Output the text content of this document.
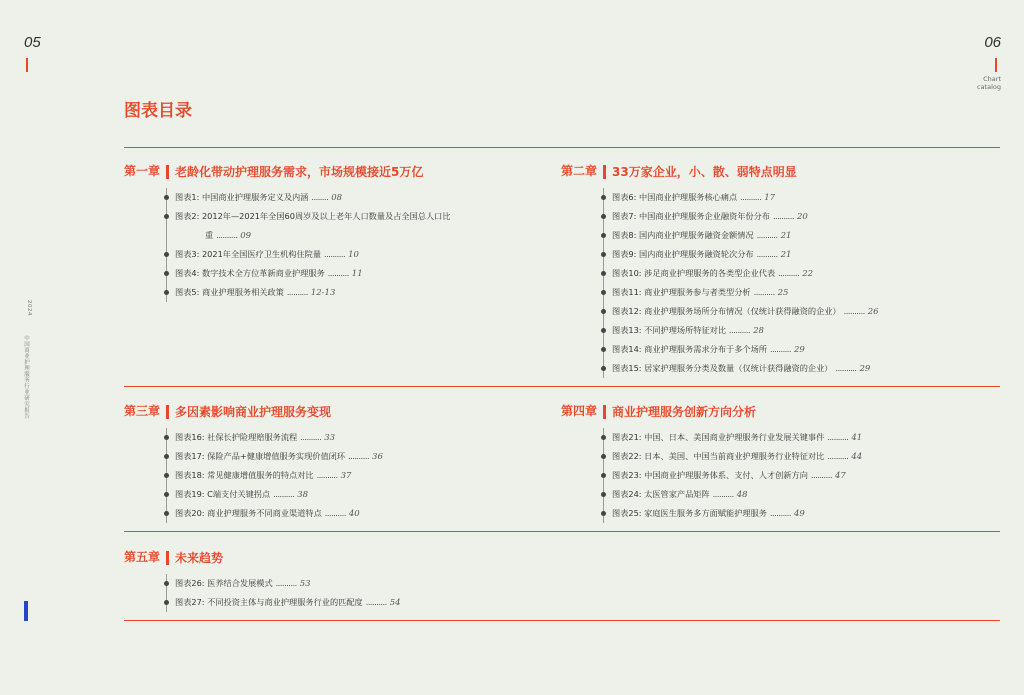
05	06
Chart
catalog
2024
中国商业护理服务行业研究报告
图表目录
第一章 老龄化带动护理服务需求，市场规模接近5万亿
图表1: 中国商业护理服务定义及内涵 ........ 08
图表2: 2012年—2021年全国60周岁及以上老年人口数量及占全国总人口比
重 .......... 09
图表3: 2021年全国医疗卫生机构住院量 .......... 10
图表4: 数字技术全方位革新商业护理服务 .......... 11
图表5: 商业护理服务相关政策 .......... 12-13
第二章 33万家企业，小、散、弱特点明显
图表6: 中国商业护理服务核心痛点 .......... 17
图表7: 中国商业护理服务企业融资年份分布 .......... 20
图表8: 国内商业护理服务融资金额情况 .......... 21
图表9: 国内商业护理服务融资轮次分布 .......... 21
图表10: 涉足商业护理服务的各类型企业代表 .......... 22
图表11: 商业护理服务参与者类型分析 .......... 25
图表12: 商业护理服务场所分布情况（仅统计获得融资的企业） .......... 26
图表13: 不同护理场所特征对比 .......... 28
图表14: 商业护理服务需求分布于多个场所 .......... 29
图表15: 居家护理服务分类及数量（仅统计获得融资的企业） .......... 29
第三章 多因素影响商业护理服务变现
图表16: 社保长护险理赔服务流程 .......... 33
图表17: 保险产品+健康增值服务实现价值闭环 .......... 36
图表18: 常见健康增值服务的特点对比 .......... 37
图表19: C端支付关键拐点 .......... 38
图表20: 商业护理服务不同商业渠道特点 .......... 40
第四章 商业护理服务创新方向分析
图表21: 中国、日本、美国商业护理服务行业发展关键事件 .......... 41
图表22: 日本、美国、中国当前商业护理服务行业特征对比 .......... 44
图表23: 中国商业护理服务体系、支付、人才创新方向 .......... 47
图表24: 太医管家产品矩阵 .......... 48
图表25: 家庭医生服务多方面赋能护理服务 .......... 49
第五章 未来趋势
图表26: 医养结合发展模式 .......... 53
图表27: 不同投资主体与商业护理服务行业的匹配度 .......... 54
